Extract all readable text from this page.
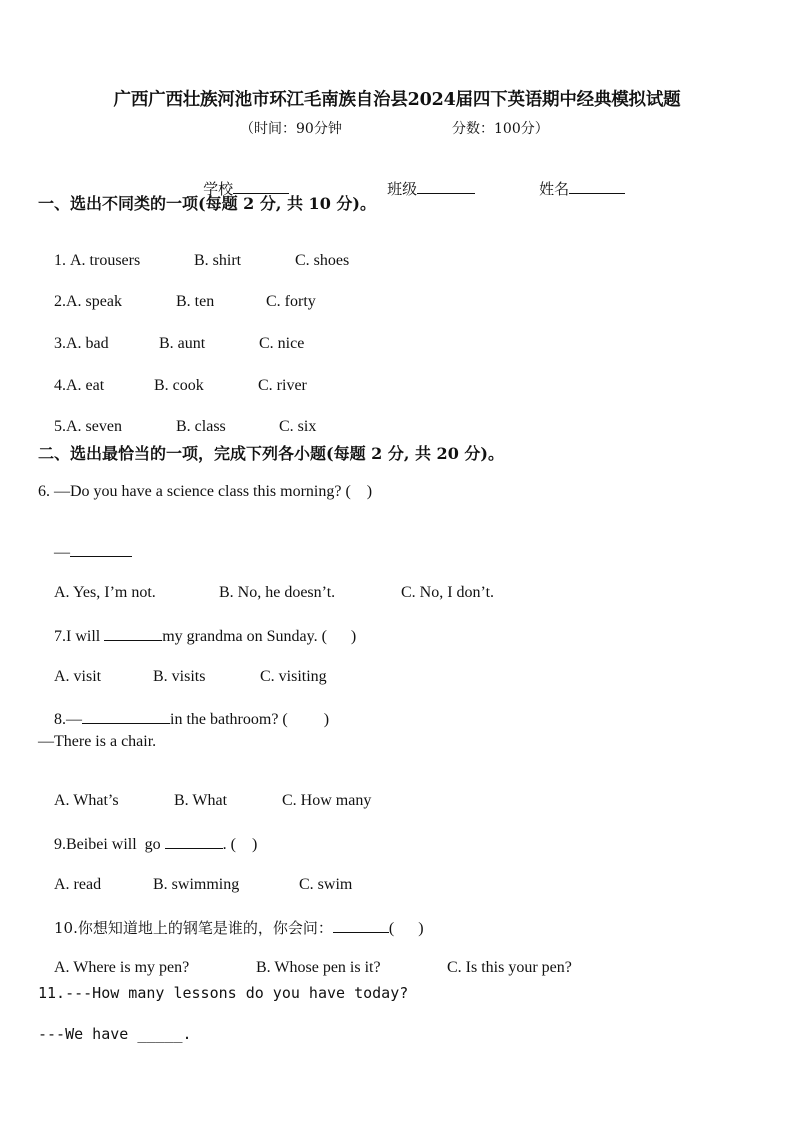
广西广西壮族河池市环江毛南族自治县2024届四下英语期中经典模拟试题
（时间：90分钟	分数：100分）

学校
	班级
	姓名

一、选出不同类的一项(每题 2 分, 共 10 分)。

1. A. trousers	B. shirt	C. shoes

2.A. speak	B. ten	C. forty

3.A. bad	B. aunt	C. nice

4.A. eat	B. cook	C. river

5.A. seven	B. class	C. six

二、选出最恰当的一项，完成下列各小题(每题 2 分, 共 20 分)。
6. —Do you have a science class this morning? (    )

—

A. Yes, I’m not.	B. No, he doesn’t.	C. No, I don’t.

7.I will	my grandma on Sunday. (      )

A. visit	B. visits	C. visiting

8.—	in the bathroom? (         )

—There is a chair.

A. What’s	B. What	C. How many

9.Beibei will  go	. (    )

A. read	B. swimming	C. swim

10.你想知道地上的钢笔是谁的，你会问：	(      )

A. Where is my pen?	B. Whose pen is it?	C. Is this your pen?

11.---How many lessons do you have today?
---We have _____.
